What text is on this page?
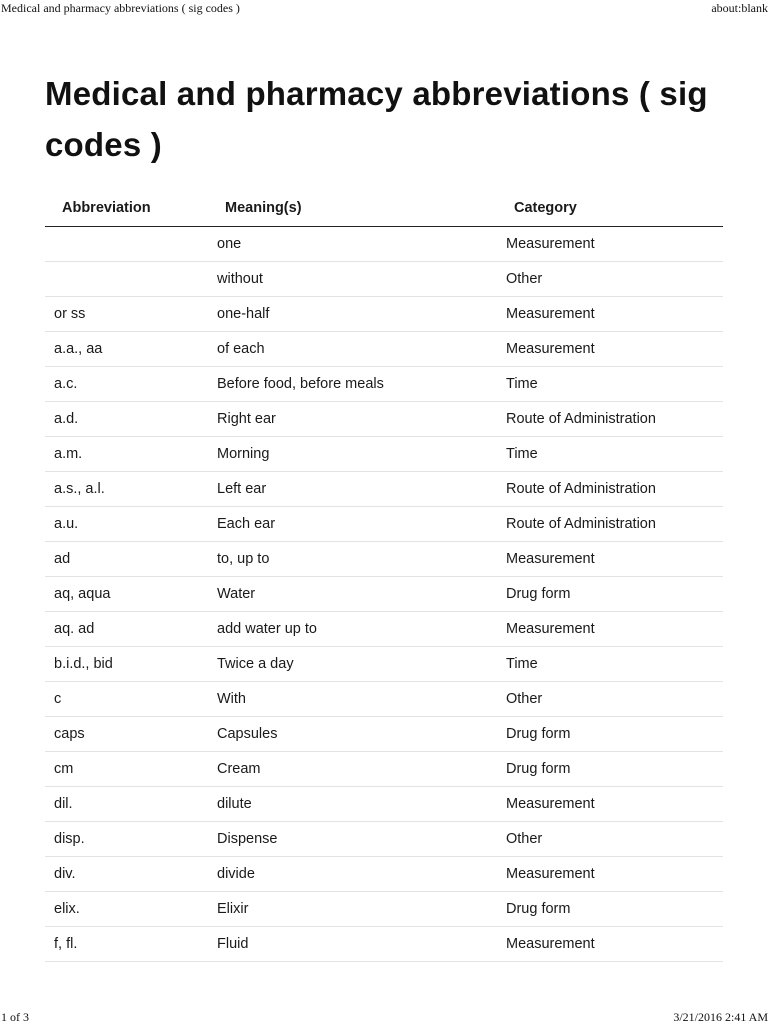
Medical and pharmacy abbreviations ( sig codes )	about:blank
Medical and pharmacy abbreviations ( sig codes )
Abbreviation	Meaning(s)	Category
	one	Measurement
	without	Other
or ss	one-half	Measurement
a.a., aa	of each	Measurement
a.c.	Before food, before meals	Time
a.d.	Right ear	Route of Administration
a.m.	Morning	Time
a.s., a.l.	Left ear	Route of Administration
a.u.	Each ear	Route of Administration
ad	to, up to	Measurement
aq, aqua	Water	Drug form
aq. ad	add water up to	Measurement
b.i.d., bid	Twice a day	Time
c	With	Other
caps	Capsules	Drug form
cm	Cream	Drug form
dil.	dilute	Measurement
disp.	Dispense	Other
div.	divide	Measurement
elix.	Elixir	Drug form
f, fl.	Fluid	Measurement
1 of 3	3/21/2016 2:41 AM
